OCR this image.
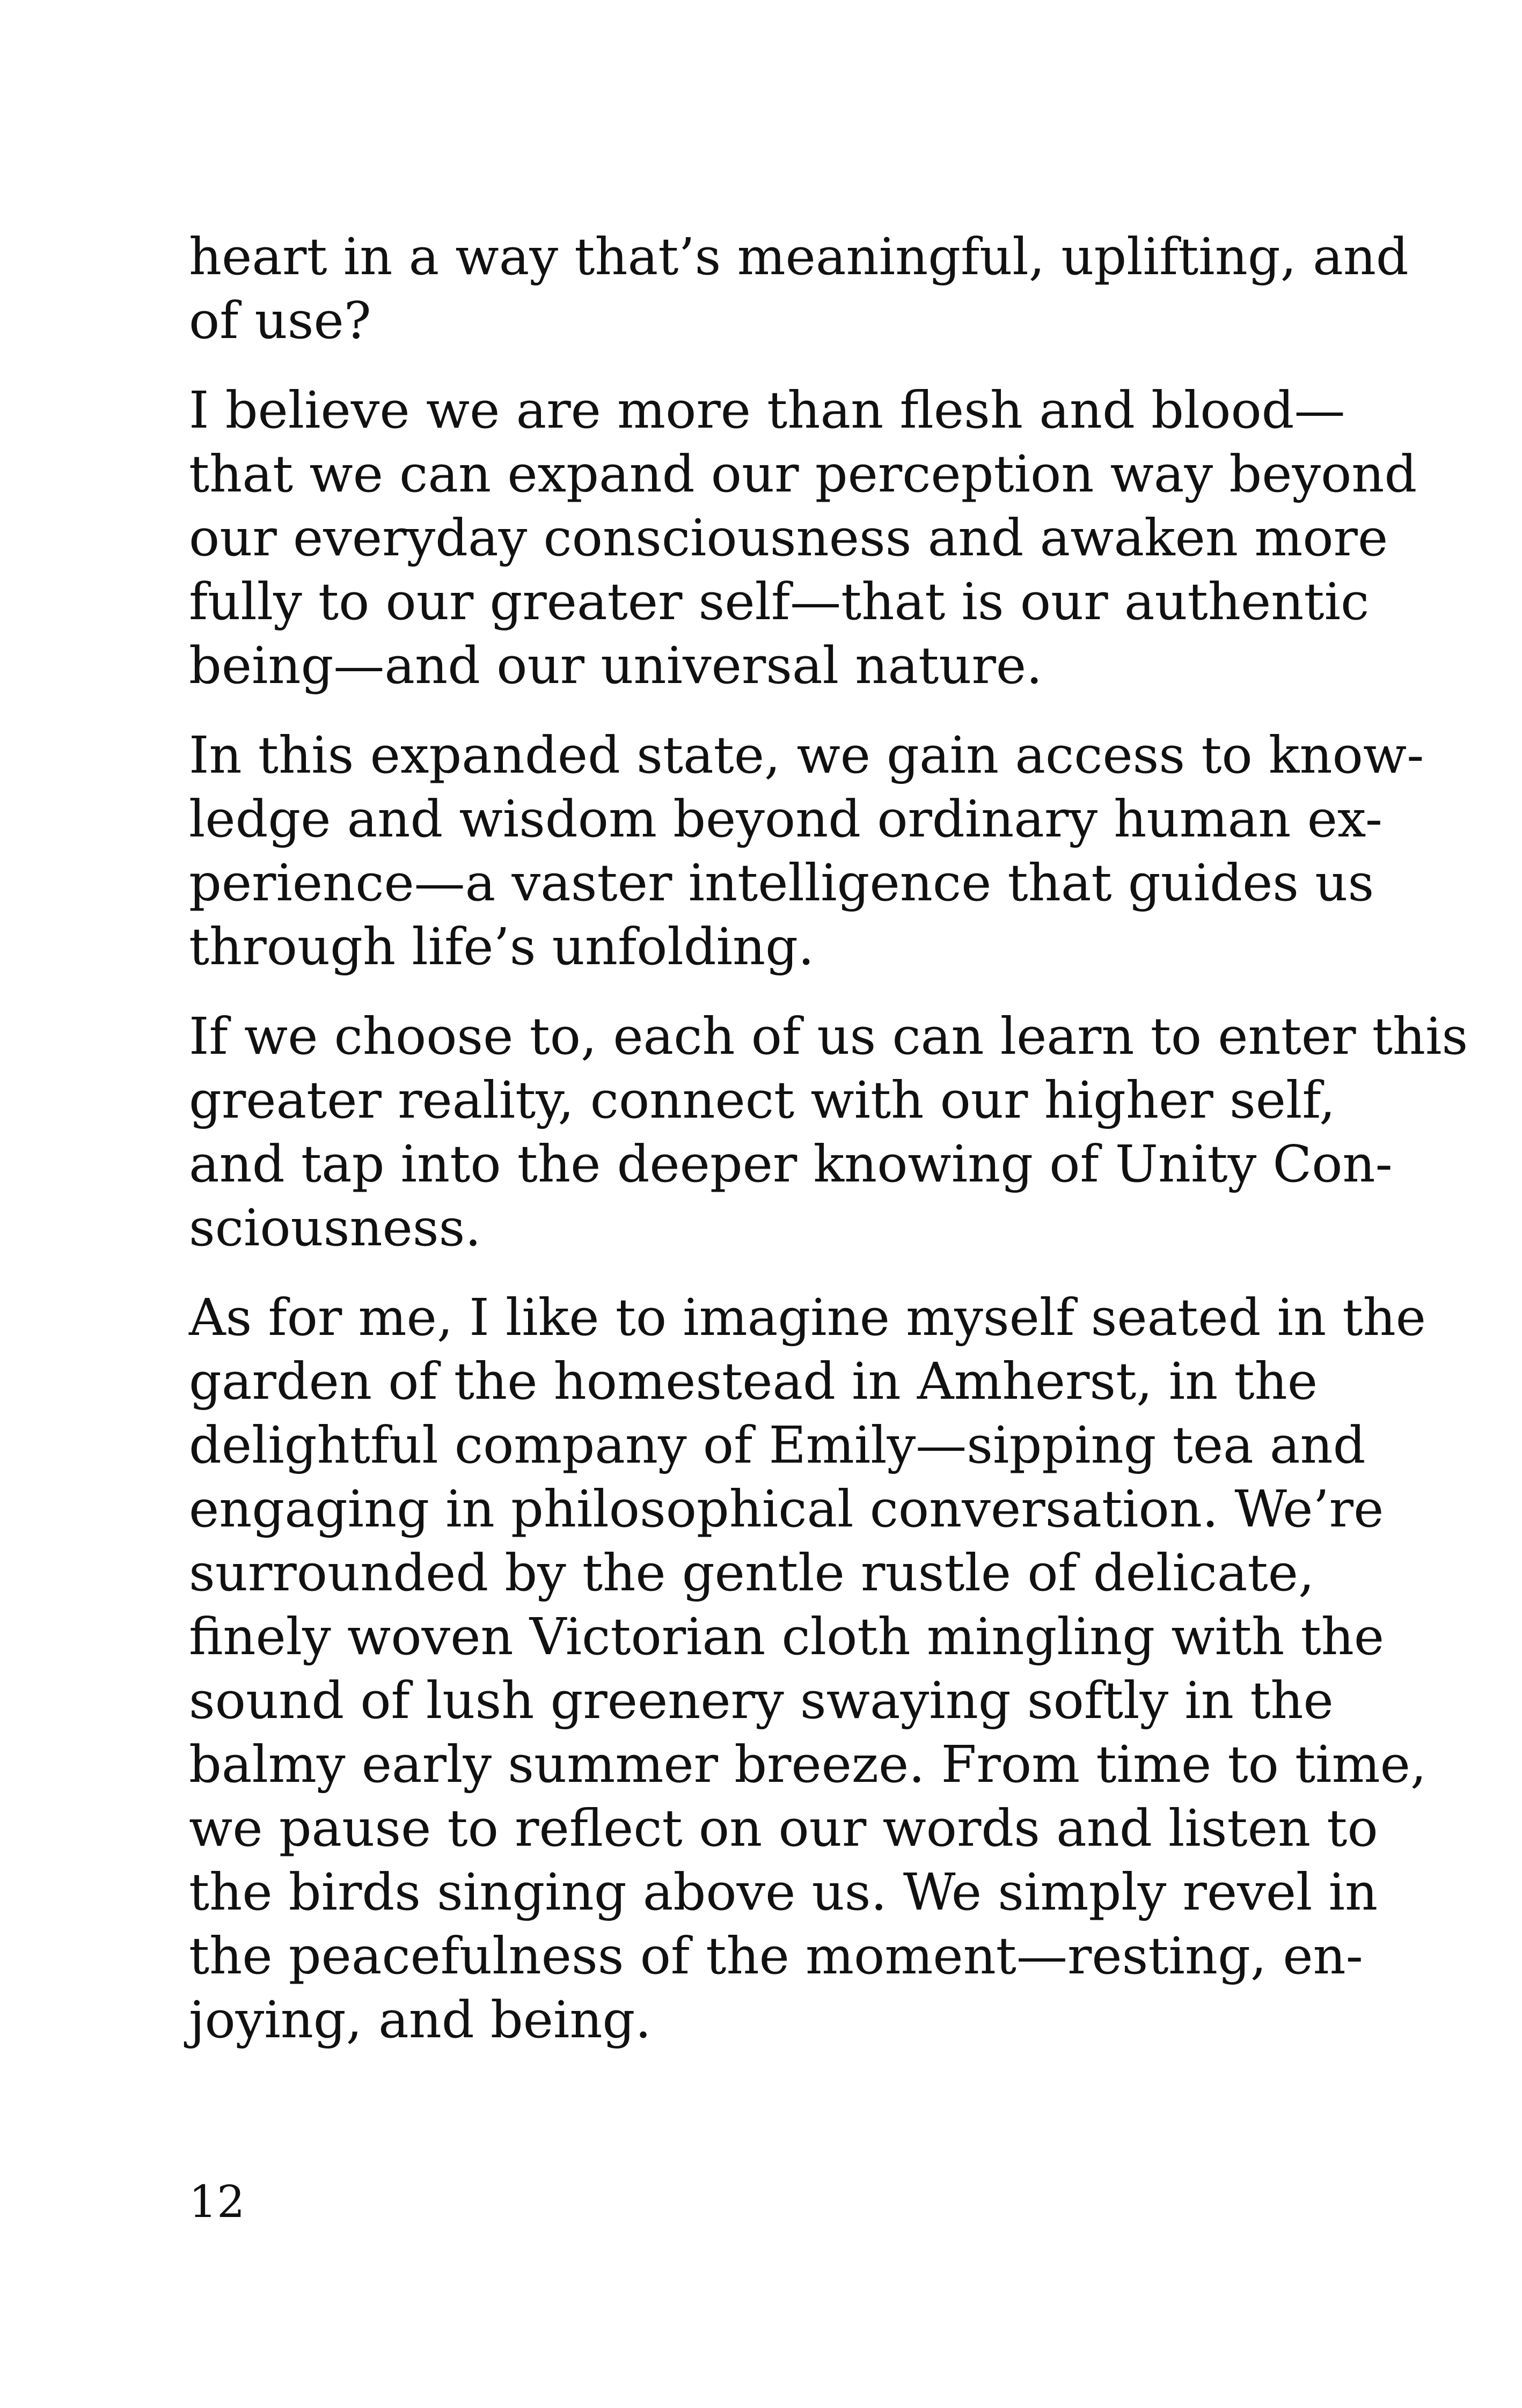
heart in a way that’s meaningful, uplifting, and
of use?

I believe we are more than flesh and blood—
that we can expand our perception way beyond
our everyday consciousness and awaken more
fully to our greater self—that is our authentic
being—and our universal nature.

In this expanded state, we gain access to know-
ledge and wisdom beyond ordinary human ex-
perience—a vaster intelligence that guides us
through life’s unfolding.

If we choose to, each of us can learn to enter this
greater reality, connect with our higher self,
and tap into the deeper knowing of Unity Con-
sciousness.

As for me, I like to imagine myself seated in the
garden of the homestead in Amherst, in the
delightful company of Emily—sipping tea and
engaging in philosophical conversation. We’re
surrounded by the gentle rustle of delicate,
finely woven Victorian cloth mingling with the
sound of lush greenery swaying softly in the
balmy early summer breeze. From time to time,
we pause to reflect on our words and listen to
the birds singing above us. We simply revel in
the peacefulness of the moment—resting, en-
joying, and being.

12
